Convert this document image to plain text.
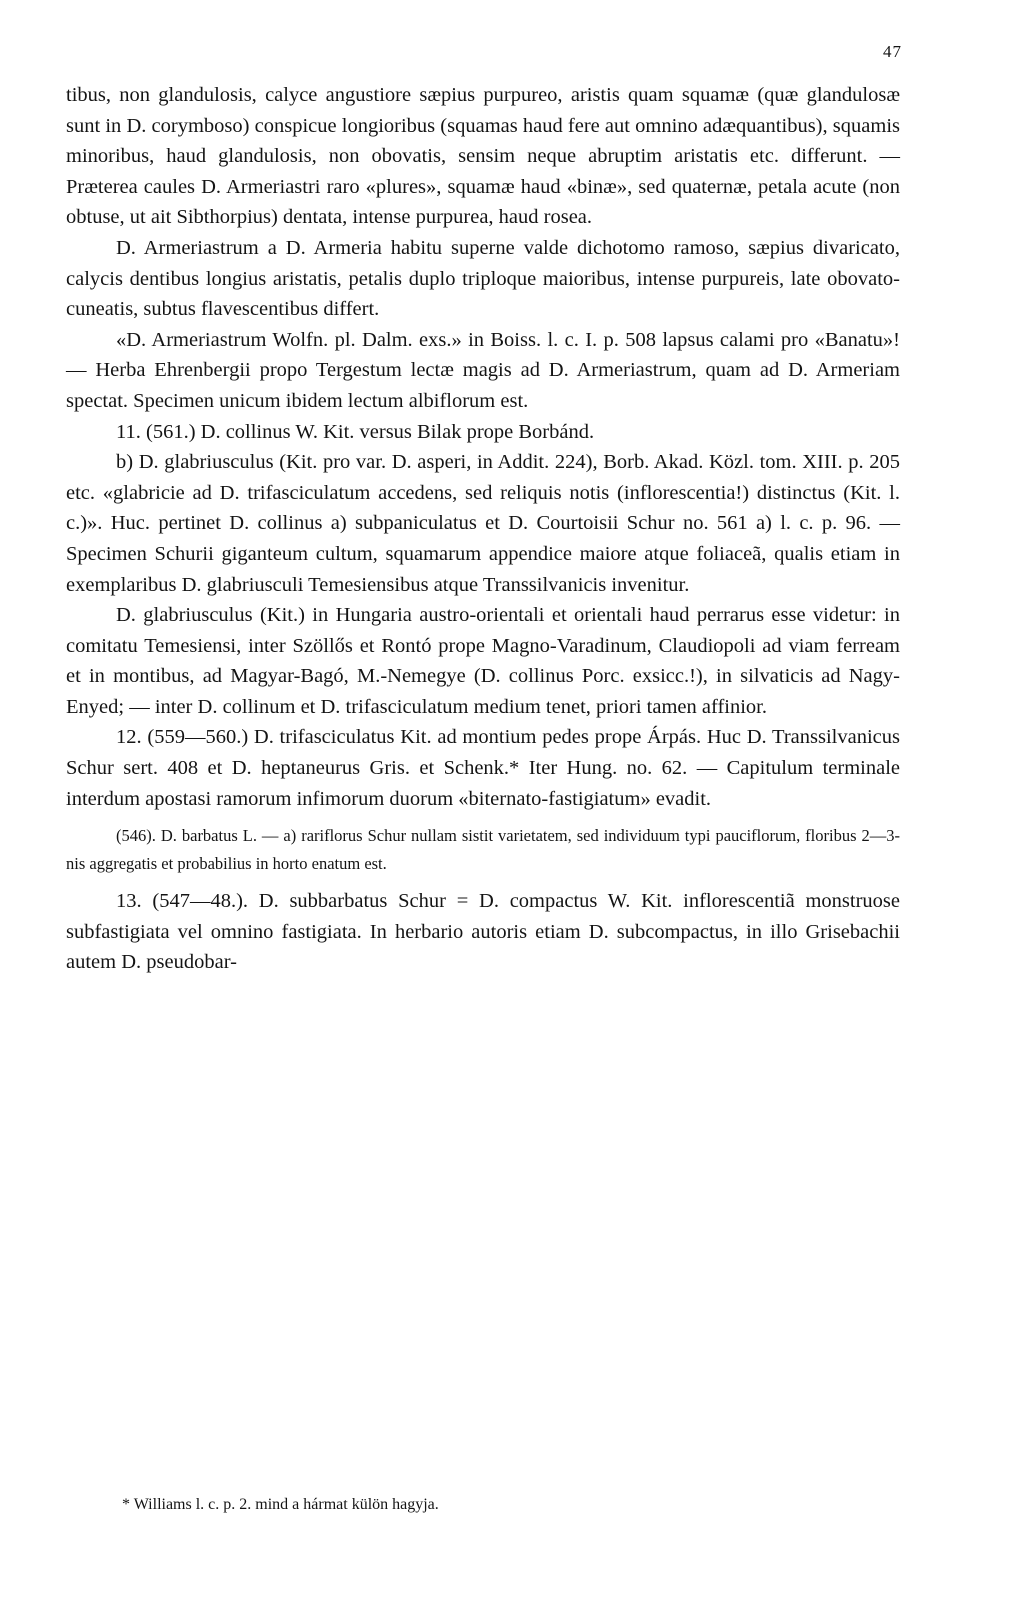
47

tibus, non glandulosis, calyce angustiore sæpius purpureo, aristis quam squamæ (quæ glandulosæ sunt in D. corymboso) conspicue longioribus (squamas haud fere aut omnino adæquantibus), squamis minoribus, haud glandulosis, non obovatis, sensim neque abruptim aristatis etc. differunt. — Præterea caules D. Armeriastri raro «plures», squamæ haud «binæ», sed quaternæ, petala acute (non obtuse, ut ait Sibthorpius) dentata, intense purpurea, haud rosea.

D. Armeriastrum a D. Armeria habitu superne valde dichotomo ramoso, sæpius divaricato, calycis dentibus longius aristatis, petalis duplo triploque maioribus, intense purpureis, late obovato-cuneatis, subtus flavescentibus differt.

«D. Armeriastrum Wolfn. pl. Dalm. exs.» in Boiss. l. c. I. p. 508 lapsus calami pro «Banatu»! — Herba Ehrenbergii propo Tergestum lectæ magis ad D. Armeriastrum, quam ad D. Armeriam spectat. Specimen unicum ibidem lectum albiflorum est.

11. (561.) D. collinus W. Kit. versus Bilak prope Borbánd.

b) D. glabriusculus (Kit. pro var. D. asperi, in Addit. 224), Borb. Akad. Közl. tom. XIII. p. 205 etc. «glabricie ad D. trifasciculatum accedens, sed reliquis notis (inflorescentia!) distinctus (Kit. l. c.)». Huc. pertinet D. collinus a) subpaniculatus et D. Courtoisii Schur no. 561 a) l. c. p. 96. — Specimen Schurii giganteum cultum, squamarum appendice maiore atque foliaceã, qualis etiam in exemplaribus D. glabriusculi Temesiensibus atque Transsilvanicis invenitur.

D. glabriusculus (Kit.) in Hungaria austro-orientali et orientali haud perrarus esse videtur: in comitatu Temesiensi, inter Szöllős et Rontó prope Magno-Varadinum, Claudiopoli ad viam ferream et in montibus, ad Magyar-Bagó, M.-Nemegye (D. collinus Porc. exsicc.!), in silvaticis ad Nagy-Enyed; — inter D. collinum et D. trifasciculatum medium tenet, priori tamen affinior.

12. (559—560.) D. trifasciculatus Kit. ad montium pedes prope Árpás. Huc D. Transsilvanicus Schur sert. 408 et D. heptaneurus Gris. et Schenk.* Iter Hung. no. 62. — Capitulum terminale interdum apostasi ramorum infimorum duorum «biternato-fastigiatum» evadit.

(546). D. barbatus L. — a) rariflorus Schur nullam sistit varietatem, sed individuum typi pauciflorum, floribus 2—3-nis aggregatis et probabilius in horto enatum est.

13. (547—48.). D. subbarbatus Schur = D. compactus W. Kit. inflorescentiã monstruose subfastigiata vel omnino fastigiata. In herbario autoris etiam D. subcompactus, in illo Grisebachii autem D. pseudobar-

* Williams l. c. p. 2. mind a hármat külön hagyja.
